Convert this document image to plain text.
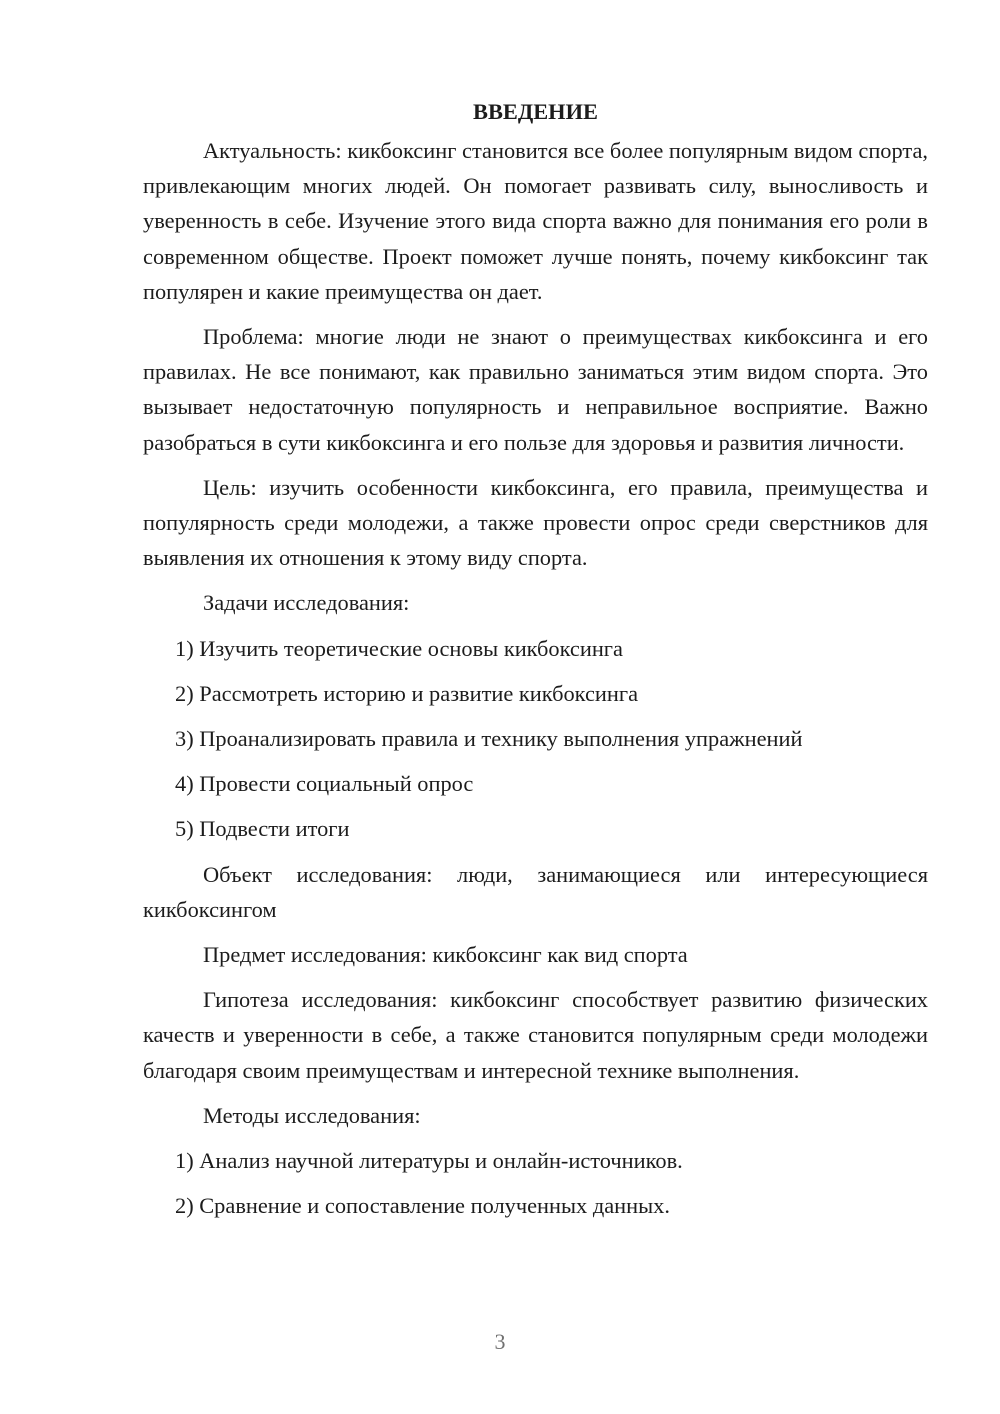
ВВЕДЕНИЕ

Актуальность: кикбоксинг становится все более популярным видом спорта, привлекающим многих людей. Он помогает развивать силу, выносливость и уверенность в себе. Изучение этого вида спорта важно для понимания его роли в современном обществе. Проект поможет лучше понять, почему кикбоксинг так популярен и какие преимущества он дает.

Проблема: многие люди не знают о преимуществах кикбоксинга и его правилах. Не все понимают, как правильно заниматься этим видом спорта. Это вызывает недостаточную популярность и неправильное восприятие. Важно разобраться в сути кикбоксинга и его пользе для здоровья и развития личности.

Цель: изучить особенности кикбоксинга, его правила, преимущества и популярность среди молодежи, а также провести опрос среди сверстников для выявления их отношения к этому виду спорта.

Задачи исследования:

1) Изучить теоретические основы кикбоксинга
2) Рассмотреть историю и развитие кикбоксинга
3) Проанализировать правила и технику выполнения упражнений
4) Провести социальный опрос
5) Подвести итоги

Объект исследования: люди, занимающиеся или интересующиеся кикбоксингом

Предмет исследования: кикбоксинг как вид спорта

Гипотеза исследования: кикбоксинг способствует развитию физических качеств и уверенности в себе, а также становится популярным среди молодежи благодаря своим преимуществам и интересной технике выполнения.

Методы исследования:

1) Анализ научной литературы и онлайн-источников.
2) Сравнение и сопоставление полученных данных.
3
